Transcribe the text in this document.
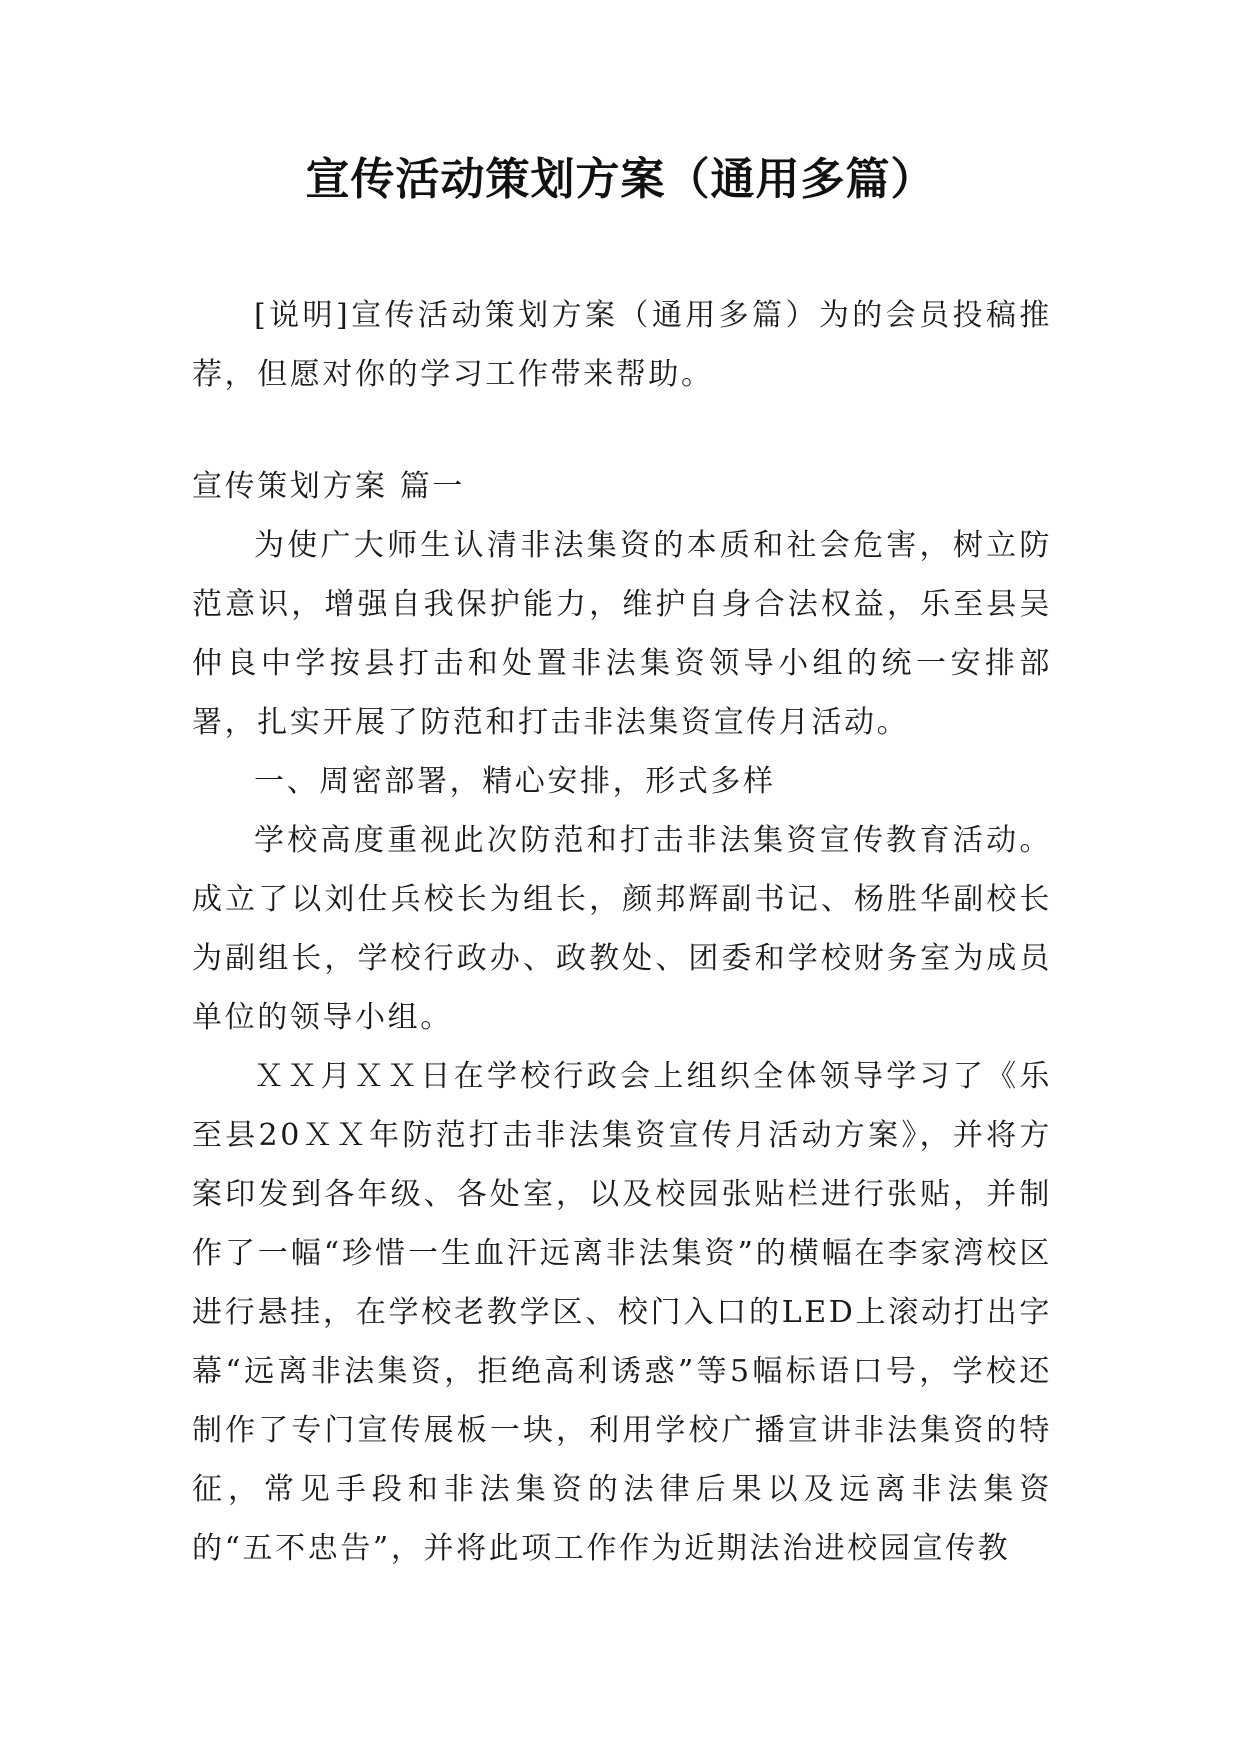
宣传活动策划方案（通用多篇）

[说明]宣传活动策划方案（通用多篇）为的会员投稿推荐，但愿对你的学习工作带来帮助。

宣传策划方案 篇一

为使广大师生认清非法集资的本质和社会危害，树立防范意识，增强自我保护能力，维护自身合法权益，乐至县吴仲良中学按县打击和处置非法集资领导小组的统一安排部署，扎实开展了防范和打击非法集资宣传月活动。

一、周密部署，精心安排，形式多样

学校高度重视此次防范和打击非法集资宣传教育活动。成立了以刘仕兵校长为组长，颜邦辉副书记、杨胜华副校长为副组长，学校行政办、政教处、团委和学校财务室为成员单位的领导小组。

ＸＸ月ＸＸ日在学校行政会上组织全体领导学习了《乐至县20ＸＸ年防范打击非法集资宣传月活动方案》，并将方案印发到各年级、各处室，以及校园张贴栏进行张贴，并制作了一幅“珍惜一生血汗远离非法集资”的横幅在李家湾校区进行悬挂，在学校老教学区、校门入口的LED上滚动打出字幕“远离非法集资，拒绝高利诱惑”等5幅标语口号，学校还制作了专门宣传展板一块，利用学校广播宣讲非法集资的特征，常见手段和非法集资的法律后果以及远离非法集资的“五不忠告”，并将此项工作作为近期法治进校园宣传教
